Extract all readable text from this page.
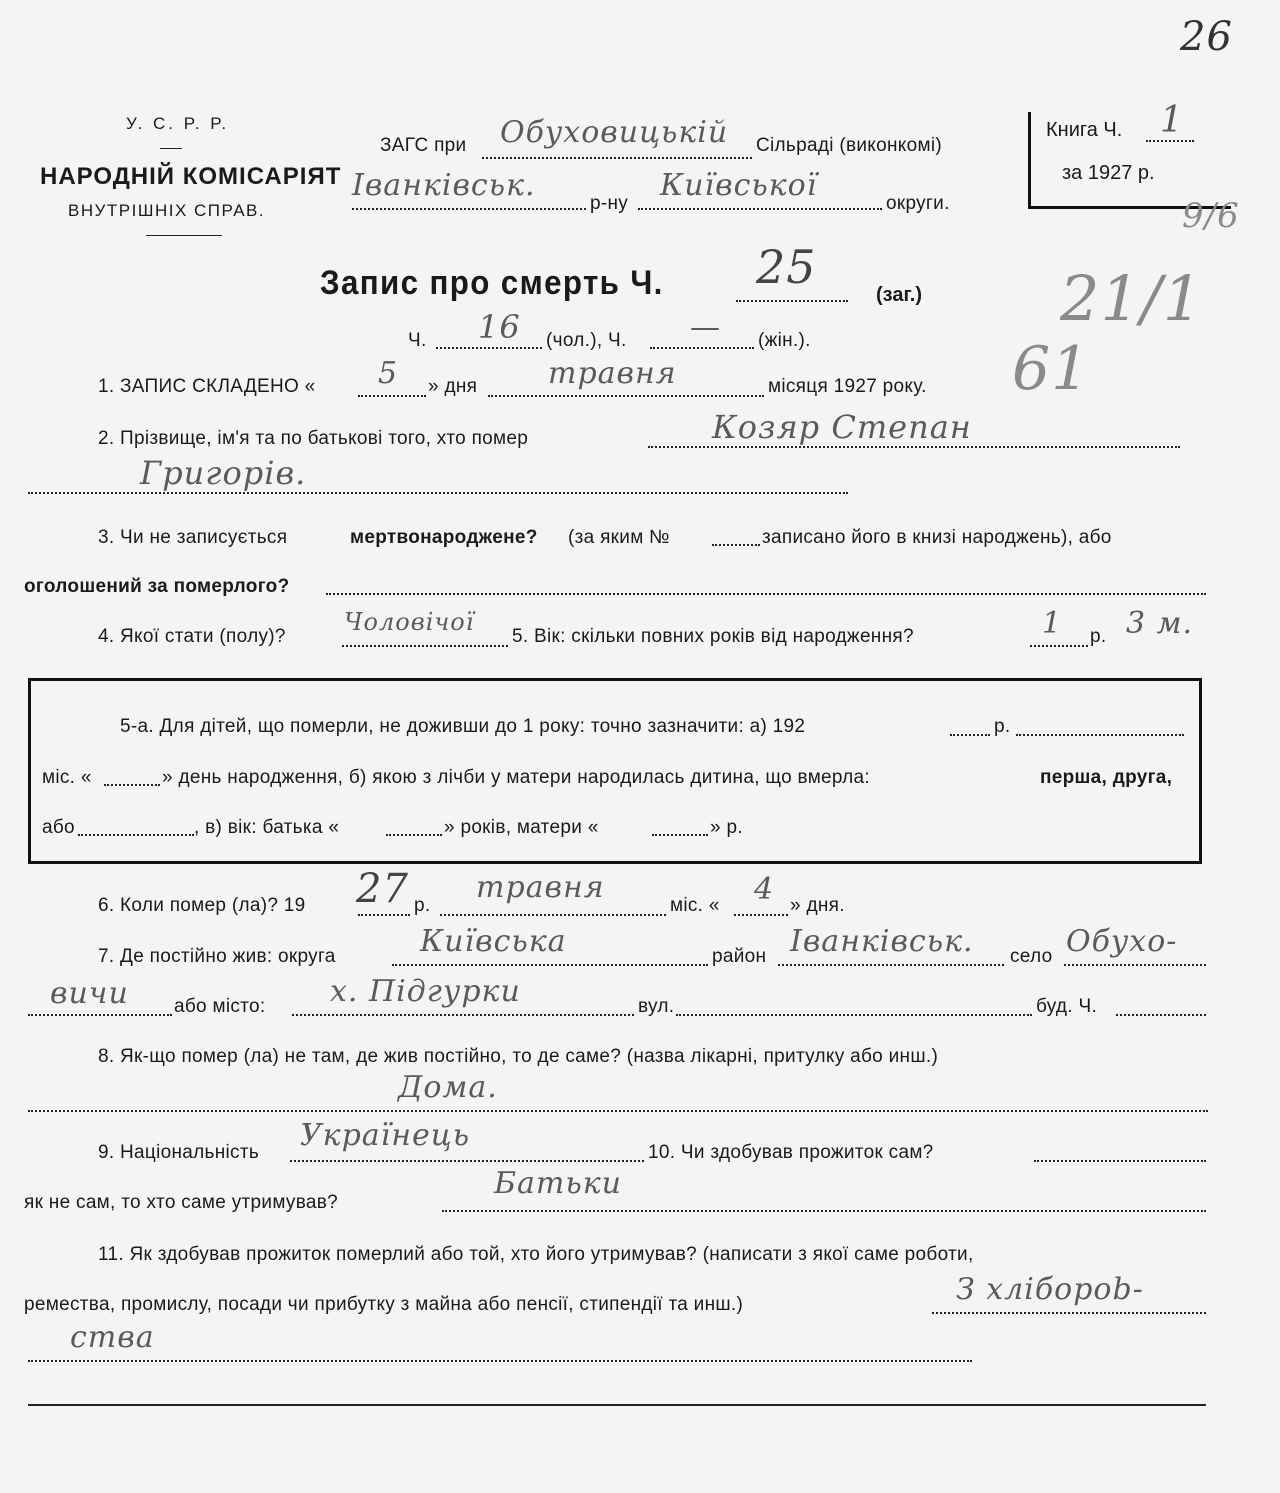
У. С. Р. Р.
НАРОДНІЙ КОМІСАРІЯТ
ВНУТРІШНІХ СПРАВ.
ЗАГС при Обуховицькій Сільраді (виконкомі)
Іванківськ.
р-ну
Київської
округи.
Книга Ч. 1
за 1927 р.
26
9/6
21/1
61
Запис про смерть Ч. 25
(заг.)
Ч. 16 (чол.), Ч. — (жін.).
1. ЗАПИС СКЛАДЕНО « 5 » дня травня	місяця 1927 року.
2. Прізвище, ім'я та по батькові того, хто помер	Козяр Степан
Григорів.
3. Чи не записується	мертвонароджене? (за яким №	записано його в книзі народжень), або
оголошений за померлого?
4. Якої стати (полу)?
Чоловічої
5. Вік: скільки повних років від народження?	1 р. 3 м.
5-а. Для дітей, що померли, не доживши до 1 року: точно зазначити: а) 192	р.
міс. «	» день народження, б) якою з лічби у матери народилась дитина, що вмерла:	перша, друга,
або	, в) вік: батька «	» років, матери «	» р.
6. Коли помер (ла)? 19 27 р.
травня
міс. « 4 » дня.
7. Де постійно жив: округа	Київська	район Іванківськ. село Обухо-
вичи або місто: х. Підгурки	вул.	буд. Ч.
8. Як-що помер (ла) не там, де жив постійно, то де саме? (назва лікарні, притулку або инш.)
Дома.
9. Національність Українець	10. Чи здобував прожиток сам?
як не сам, то хто саме утримував?
Батьки
11. Як здобував прожиток померлий або той, хто його утримував? (написати з якої саме роботи,
ремества, промислу, посади чи прибутку з майна або пенсії, стипендії та инш.)	З хліборob-
ства
